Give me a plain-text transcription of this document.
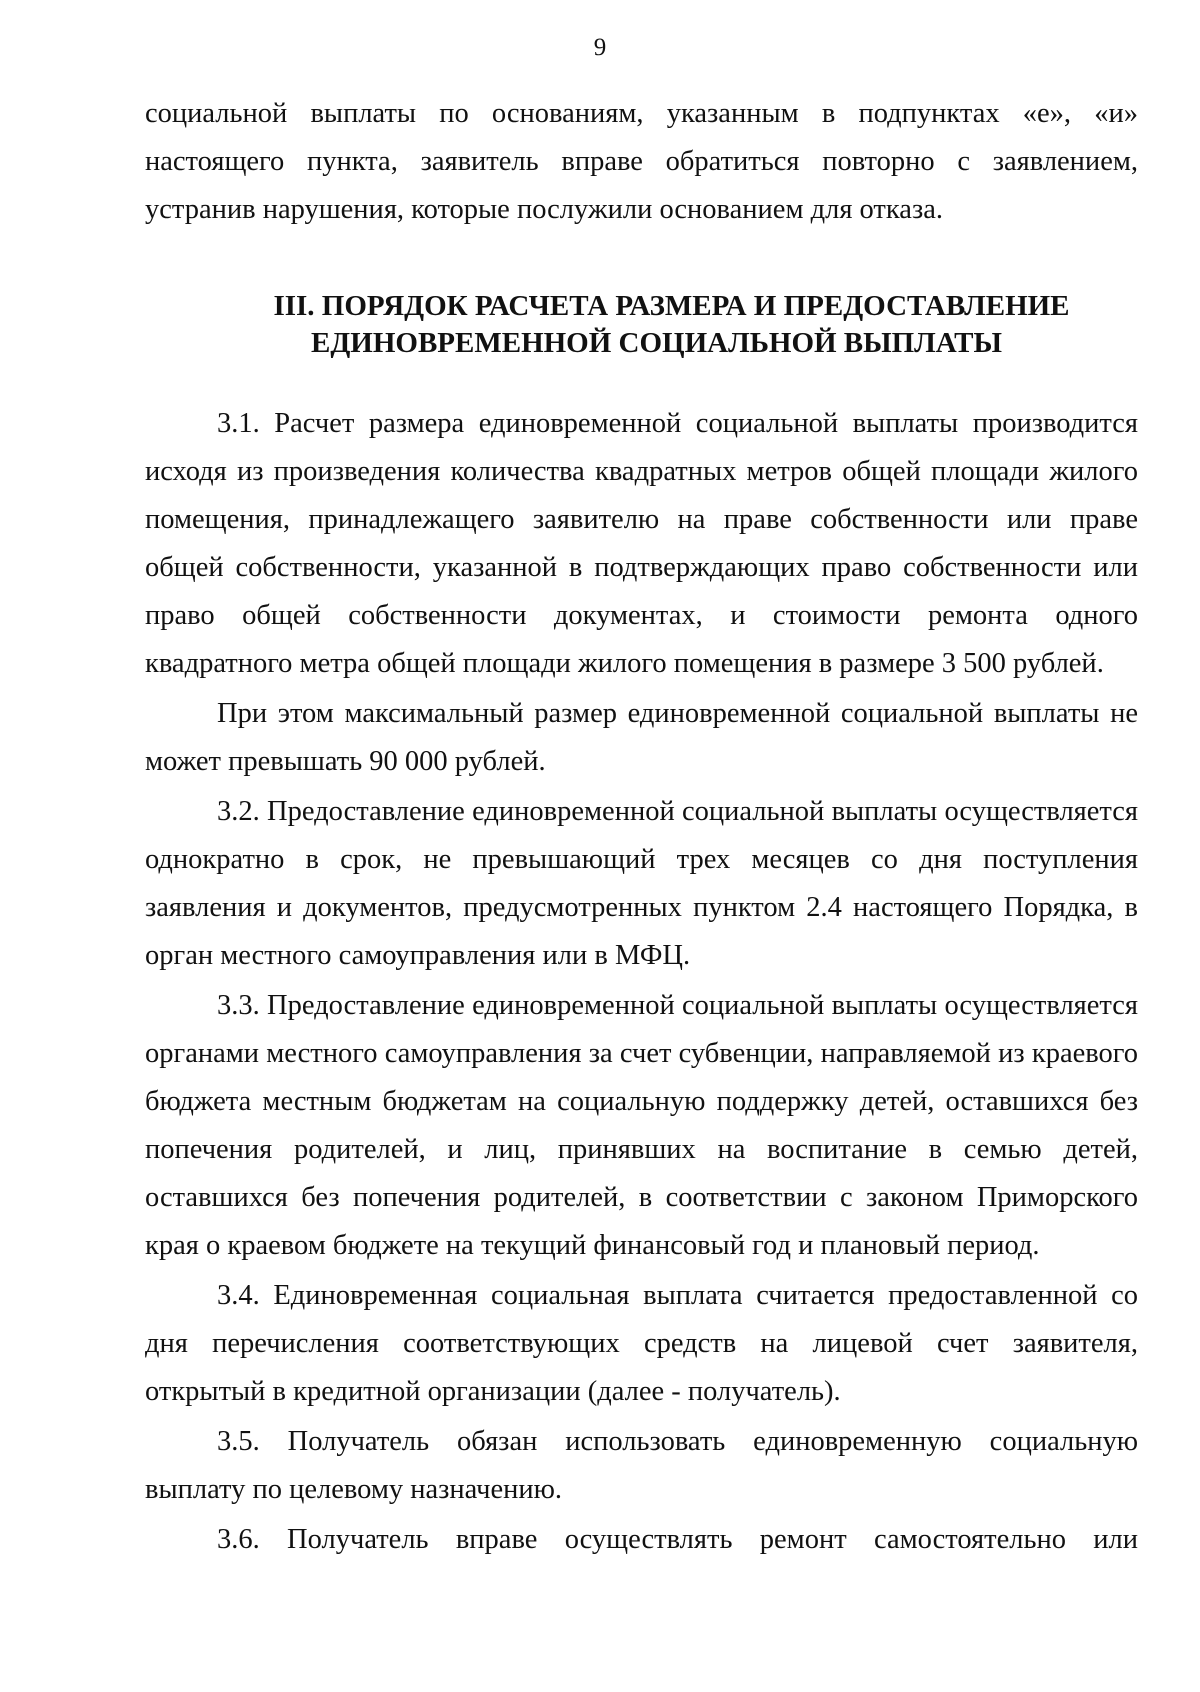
9

социальной выплаты по основаниям, указанным в подпунктах «е», «и» настоящего пункта, заявитель вправе обратиться повторно с заявлением, устранив нарушения, которые послужили основанием для отказа.

III. ПОРЯДОК РАСЧЕТА РАЗМЕРА И ПРЕДОСТАВЛЕНИЕ
ЕДИНОВРЕМЕННОЙ СОЦИАЛЬНОЙ ВЫПЛАТЫ

3.1. Расчет размера единовременной социальной выплаты производится исходя из произведения количества квадратных метров общей площади жилого помещения, принадлежащего заявителю на праве собственности или праве общей собственности, указанной в подтверждающих право собственности или право общей собственности документах, и стоимости ремонта одного квадратного метра общей площади жилого помещения в размере 3 500 рублей.

При этом максимальный размер единовременной социальной выплаты не может превышать 90 000 рублей.

3.2. Предоставление единовременной социальной выплаты осуществляется однократно в срок, не превышающий трех месяцев со дня поступления заявления и документов, предусмотренных пунктом 2.4 настоящего Порядка, в орган местного самоуправления или в МФЦ.

3.3. Предоставление единовременной социальной выплаты осуществляется органами местного самоуправления за счет субвенции, направляемой из краевого бюджета местным бюджетам на социальную поддержку детей, оставшихся без попечения родителей, и лиц, принявших на воспитание в семью детей, оставшихся без попечения родителей, в соответствии с законом Приморского края о краевом бюджете на текущий финансовый год и плановый период.

3.4. Единовременная социальная выплата считается предоставленной со дня перечисления соответствующих средств на лицевой счет заявителя, открытый в кредитной организации (далее - получатель).

3.5. Получатель обязан использовать единовременную социальную выплату по целевому назначению.

3.6. Получатель вправе осуществлять ремонт самостоятельно или
